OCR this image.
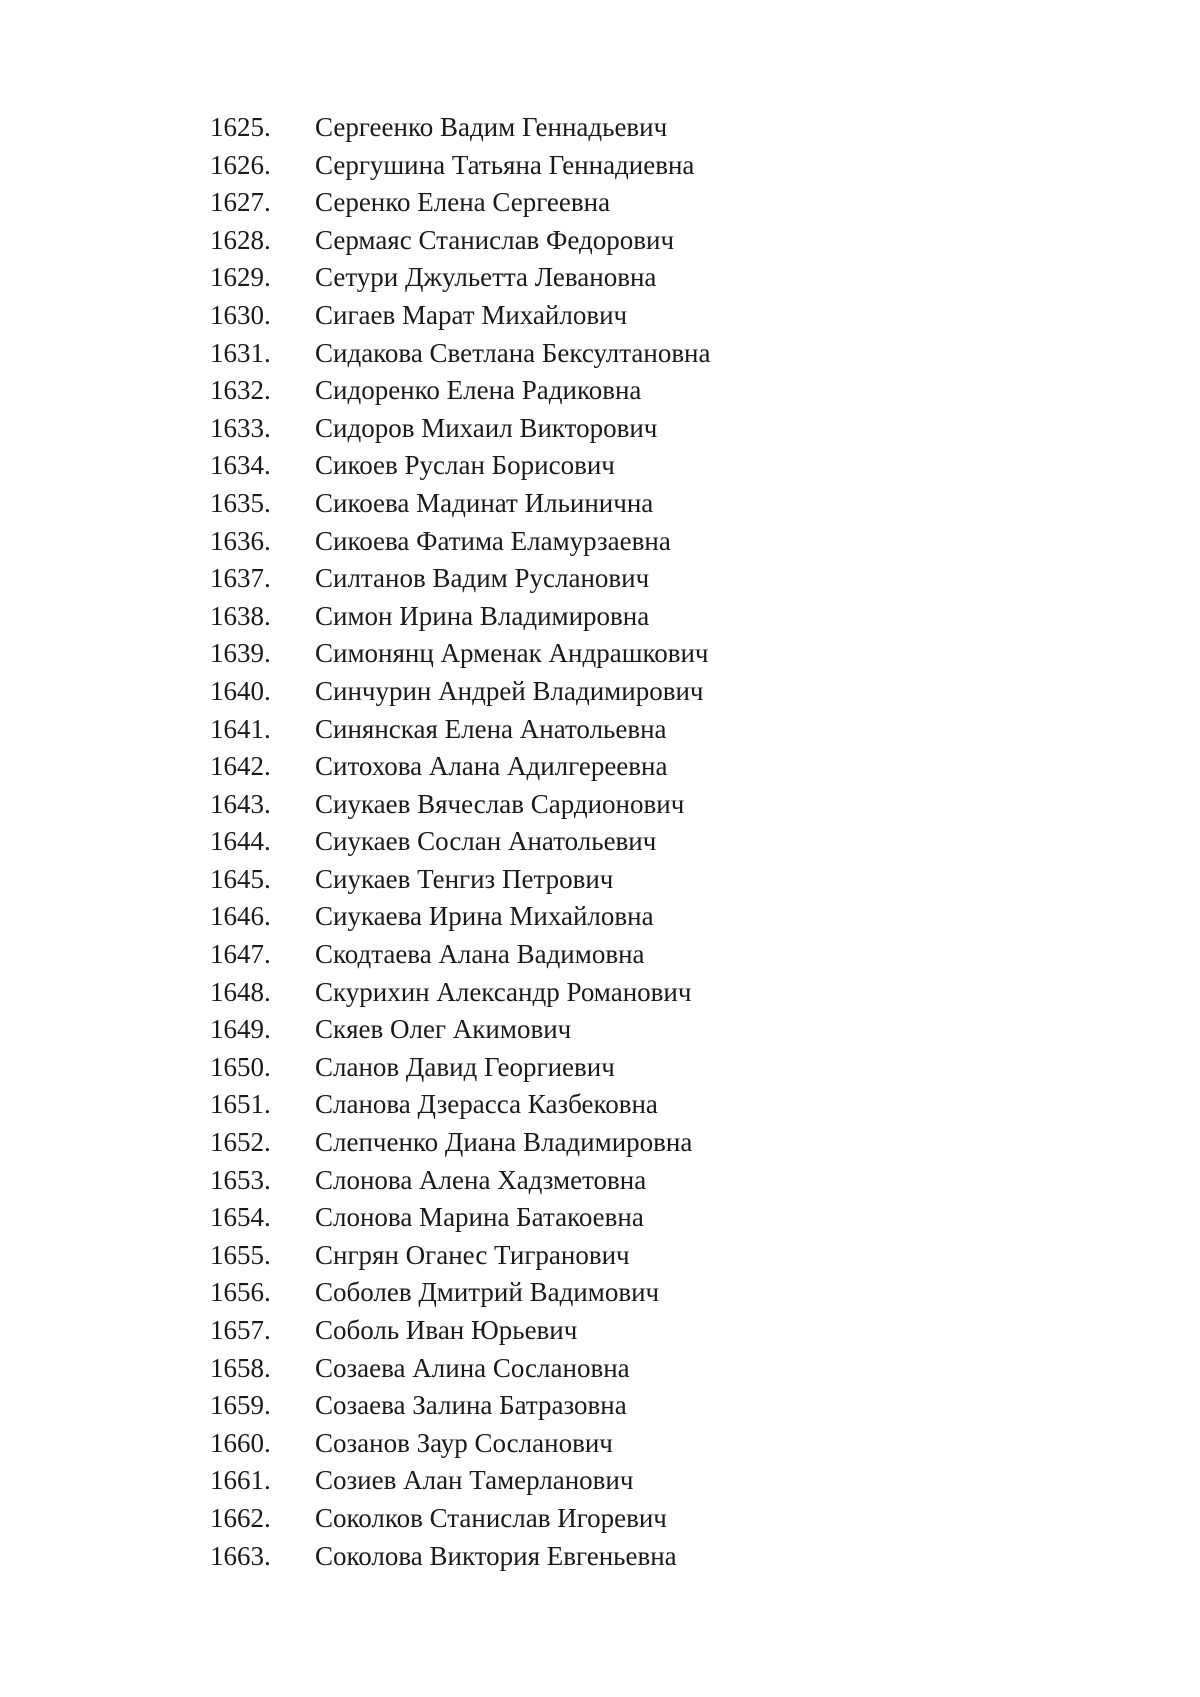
1625.	Сергеенко Вадим Геннадьевич
1626.	Сергушина Татьяна Геннадиевна
1627.	Серенко Елена Сергеевна
1628.	Сермаяс Станислав Федорович
1629.	Сетури Джульетта Левановна
1630.	Сигаев Марат Михайлович
1631.	Сидакова Светлана Бексултановна
1632.	Сидоренко Елена Радиковна
1633.	Сидоров Михаил Викторович
1634.	Сикоев Руслан Борисович
1635.	Сикоева Мадинат Ильинична
1636.	Сикоева Фатима Еламурзаевна
1637.	Силтанов Вадим Русланович
1638.	Симон Ирина Владимировна
1639.	Симонянц Арменак Андрашкович
1640.	Синчурин Андрей Владимирович
1641.	Синянская Елена Анатольевна
1642.	Ситохова Алана Адилгереевна
1643.	Сиукаев Вячеслав Сардионович
1644.	Сиукаев Сослан Анатольевич
1645.	Сиукаев Тенгиз Петрович
1646.	Сиукаева Ирина Михайловна
1647.	Скодтаева Алана Вадимовна
1648.	Скурихин Александр Романович
1649.	Скяев Олег Акимович
1650.	Сланов Давид Георгиевич
1651.	Сланова Дзерасса Казбековна
1652.	Слепченко Диана Владимировна
1653.	Слонова Алена Хадзметовна
1654.	Слонова Марина Батакоевна
1655.	Снгрян Оганес Тигранович
1656.	Соболев Дмитрий Вадимович
1657.	Соболь Иван Юрьевич
1658.	Созаева Алина Сослановна
1659.	Созаева Залина Батразовна
1660.	Созанов Заур Сосланович
1661.	Созиев Алан Тамерланович
1662.	Соколков Станислав Игоревич
1663.	Соколова Виктория Евгеньевна
